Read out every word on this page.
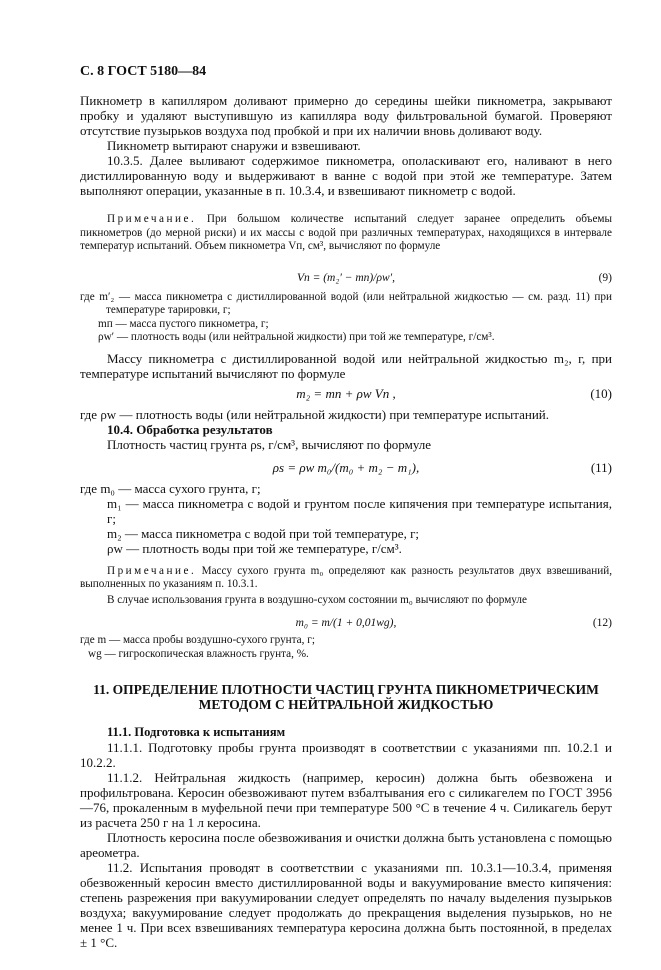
С. 8 ГОСТ 5180—84
Пикнометр в капилляром доливают примерно до середины шейки пикнометра, закрывают пробку и удаляют выступившую из капилляра воду фильтровальной бумагой. Проверяют отсутствие пузырьков воздуха под пробкой и при их наличии вновь доливают воду.
Пикнометр вытирают снаружи и взвешивают.
10.3.5. Далее выливают содержимое пикнометра, ополаскивают его, наливают в него дистиллированную воду и выдерживают в ванне с водой при этой же температуре. Затем выполняют операции, указанные в п. 10.3.4, и взвешивают пикнометр с водой.
Примечание. При большом количестве испытаний следует заранее определить объемы пикнометров (до мерной риски) и их массы с водой при различных температурах, находящихся в интервале температур испытаний. Объем пикнометра Vп, см³, вычисляют по формуле
Vп = (m₂′ − mп)/ρw′,	(9)
где m′₂ — масса пикнометра с дистиллированной водой (или нейтральной жидкостью — см. разд. 11) при температуре тарировки, г;
mп — масса пустого пикнометра, г;
ρw′ — плотность воды (или нейтральной жидкости) при той же температуре, г/см³.
Массу пикнометра с дистиллированной водой или нейтральной жидкостью m₂, г, при температуре испытаний вычисляют по формуле
m₂ = mп + ρw Vп ,	(10)
где ρw — плотность воды (или нейтральной жидкости) при температуре испытаний.
10.4. Обработка результатов
Плотность частиц грунта ρs, г/см³, вычисляют по формуле
ρs = ρw m₀/(m₀ + m₂ − m₁),	(11)
где m₀ — масса сухого грунта, г;
m₁ — масса пикнометра с водой и грунтом после кипячения при температуре испытания, г;
m₂ — масса пикнометра с водой при той температуре, г;
ρw — плотность воды при той же температуре, г/см³.
Примечание. Массу сухого грунта m₀ определяют как разность результатов двух взвешиваний, выполненных по указаниям п. 10.3.1.
В случае использования грунта в воздушно-сухом состоянии m₀ вычисляют по формуле
m₀ = m/(1 + 0,01wg),	(12)
где m — масса пробы воздушно-сухого грунта, г;
wg — гигроскопическая влажность грунта, %.
11. ОПРЕДЕЛЕНИЕ ПЛОТНОСТИ ЧАСТИЦ ГРУНТА ПИКНОМЕТРИЧЕСКИМ МЕТОДОМ С НЕЙТРАЛЬНОЙ ЖИДКОСТЬЮ
11.1. Подготовка к испытаниям
11.1.1. Подготовку пробы грунта производят в соответствии с указаниями пп. 10.2.1 и 10.2.2.
11.1.2. Нейтральная жидкость (например, керосин) должна быть обезвожена и профильтрована. Керосин обезвоживают путем взбалтывания его с силикагелем по ГОСТ 3956—76, прокаленным в муфельной печи при температуре 500 °С в течение 4 ч. Силикагель берут из расчета 250 г на 1 л керосина.
Плотность керосина после обезвоживания и очистки должна быть установлена с помощью ареометра.
11.2. Испытания проводят в соответствии с указаниями пп. 10.3.1—10.3.4, применяя обезвоженный керосин вместо дистиллированной воды и вакуумирование вместо кипячения: степень разрежения при вакуумировании следует определять по началу выделения пузырьков воздуха; вакуумирование следует продолжать до прекращения выделения пузырьков, но не менее 1 ч. При всех взвешиваниях температура керосина должна быть постоянной, в пределах ± 1 °С.
